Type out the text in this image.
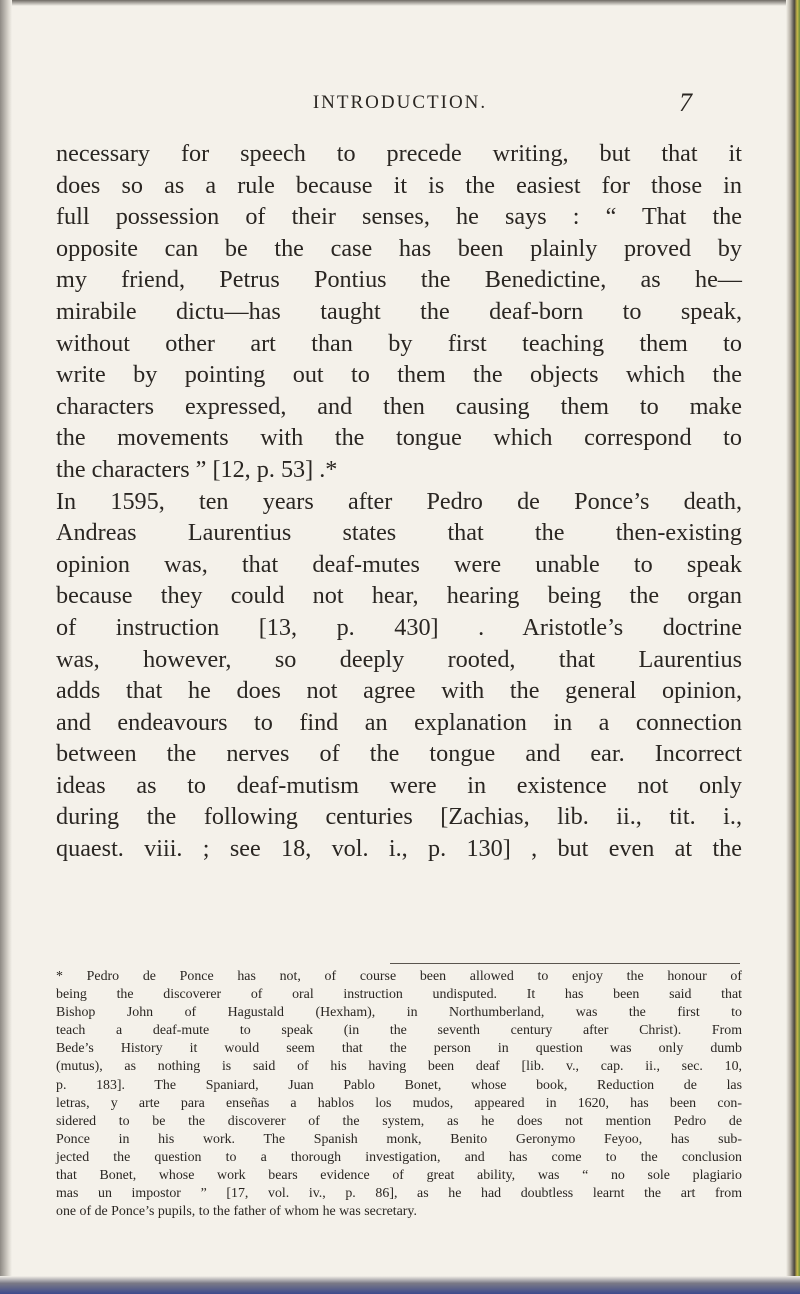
INTRODUCTION.	7
necessary for speech to precede writing, but that it
does so as a rule because it is the easiest for those in
full possession of their senses, he says : “ That the
opposite can be the case has been plainly proved by
my friend, Petrus Pontius the Benedictine, as he—
mirabile dictu—has taught the deaf-born to speak,
without other art than by first teaching them to
write by pointing out to them the objects which the
characters expressed, and then causing them to make
the movements with the tongue which correspond to
the characters ” [12, p. 53] .*
In 1595, ten years after Pedro de Ponce’s death,
Andreas Laurentius states that the then-existing
opinion was, that deaf-mutes were unable to speak
because they could not hear, hearing being the organ
of instruction [13, p. 430] . Aristotle’s doctrine
was, however, so deeply rooted, that Laurentius
adds that he does not agree with the general opinion,
and endeavours to find an explanation in a connection
between the nerves of the tongue and ear. Incorrect
ideas as to deaf-mutism were in existence not only
during the following centuries [Zachias, lib. ii., tit. i.,
quaest. viii. ; see 18, vol. i., p. 130] , but even at the
* Pedro de Ponce has not, of course been allowed to enjoy the honour of
being the discoverer of oral instruction undisputed. It has been said that
Bishop John of Hagustald (Hexham), in Northumberland, was the first to
teach a deaf-mute to speak (in the seventh century after Christ). From
Bede’s History it would seem that the person in question was only dumb
(mutus), as nothing is said of his having been deaf [lib. v., cap. ii., sec. 10,
p. 183]. The Spaniard, Juan Pablo Bonet, whose book, Reduction de las
letras, y arte para enseñas a hablos los mudos, appeared in 1620, has been con-
sidered to be the discoverer of the system, as he does not mention Pedro de
Ponce in his work. The Spanish monk, Benito Geronymo Feyoo, has sub-
jected the question to a thorough investigation, and has come to the conclusion
that Bonet, whose work bears evidence of great ability, was “ no sole plagiario
mas un impostor ” [17, vol. iv., p. 86], as he had doubtless learnt the art from
one of de Ponce’s pupils, to the father of whom he was secretary.
